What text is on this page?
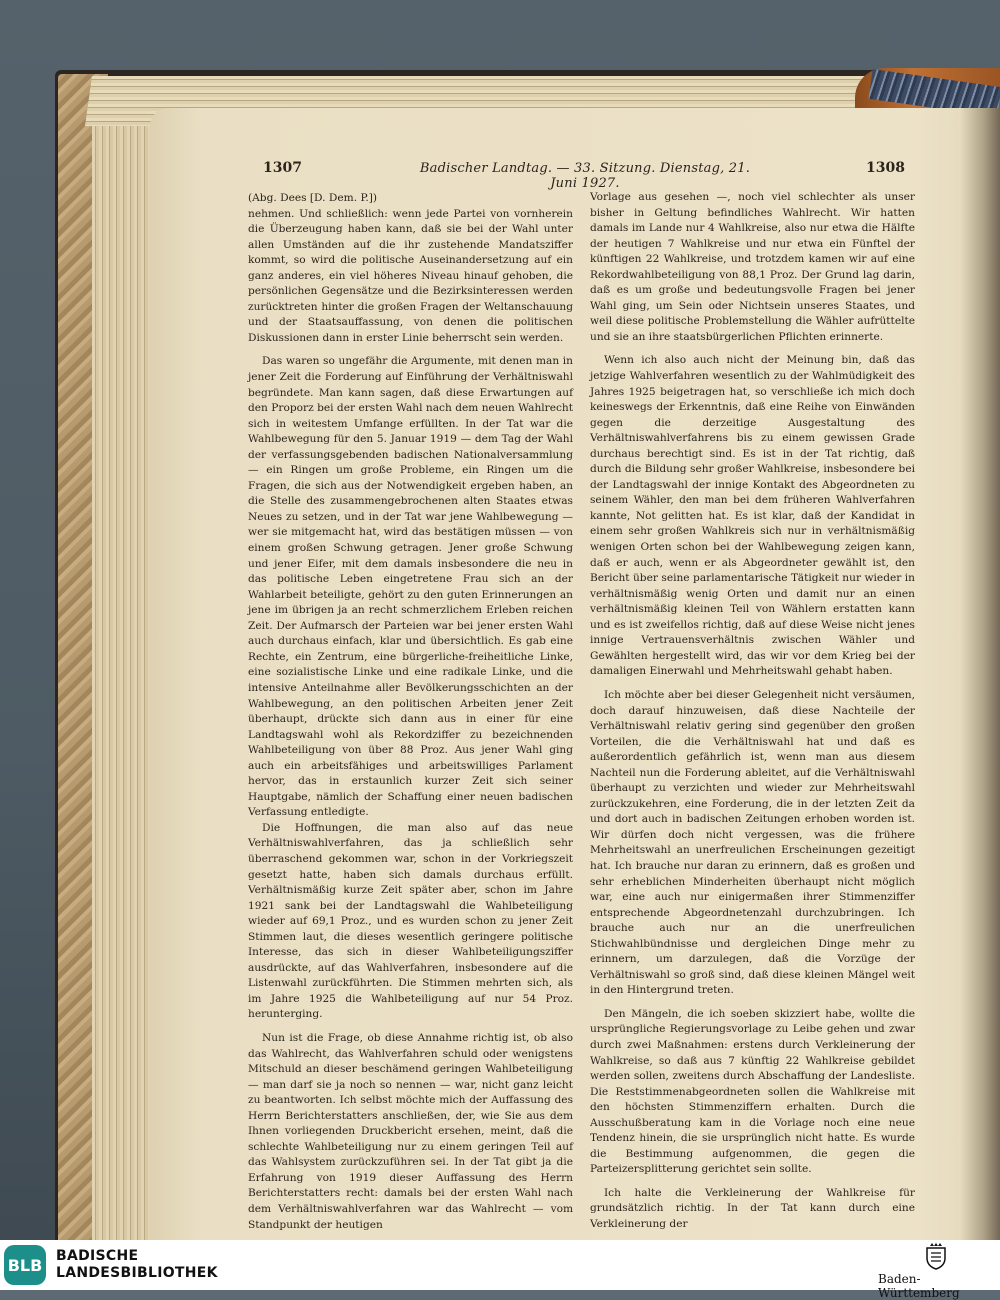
1307	Badischer Landtag. — 33. Sitzung. Dienstag, 21. Juni 1927.
1308

(Abg. Dees [D. Dem. P.])

nehmen. Und schließlich: wenn jede Partei von vornherein die Überzeugung haben kann, daß sie bei der Wahl unter allen Umständen auf die ihr zustehende Mandatsziffer kommt, so wird die politische Auseinandersetzung auf ein ganz anderes, ein viel höheres Niveau hinauf gehoben, die persönlichen Gegensätze und die Bezirksinteressen werden zurücktreten hinter die großen Fragen der Weltanschauung und der Staatsauffassung, von denen die politischen Diskussionen dann in erster Linie beherrscht sein werden.

Das waren so ungefähr die Argumente, mit denen man in jener Zeit die Forderung auf Einführung der Verhältniswahl begründete. Man kann sagen, daß diese Erwartungen auf den Proporz bei der ersten Wahl nach dem neuen Wahlrecht sich in weitestem Umfange erfüllten. In der Tat war die Wahlbewegung für den 5. Januar 1919 — dem Tag der Wahl der verfassungsgebenden badischen Nationalversammlung — ein Ringen um große Probleme, ein Ringen um die Fragen, die sich aus der Notwendigkeit ergeben haben, an die Stelle des zusammengebrochenen alten Staates etwas Neues zu setzen, und in der Tat war jene Wahlbewegung — wer sie mitgemacht hat, wird das bestätigen müssen — von einem großen Schwung getragen. Jener große Schwung und jener Eifer, mit dem damals insbesondere die neu in das politische Leben eingetretene Frau sich an der Wahlarbeit beteiligte, gehört zu den guten Erinnerungen an jene im übrigen ja an recht schmerzlichem Erleben reichen Zeit. Der Aufmarsch der Parteien war bei jener ersten Wahl auch durchaus einfach, klar und übersichtlich. Es gab eine Rechte, ein Zentrum, eine bürgerliche-freiheitliche Linke, eine sozialistische Linke und eine radikale Linke, und die intensive Anteilnahme aller Bevölkerungsschichten an der Wahlbewegung, an den politischen Arbeiten jener Zeit überhaupt, drückte sich dann aus in einer für eine Landtagswahl wohl als Rekordziffer zu bezeichnenden Wahlbeteiligung von über 88 Proz. Aus jener Wahl ging auch ein arbeitsfähiges und arbeitswilliges Parlament hervor, das in erstaunlich kurzer Zeit sich seiner Hauptgabe, nämlich der Schaffung einer neuen badischen Verfassung entledigte.

Die Hoffnungen, die man also auf das neue Verhältniswahlverfahren, das ja schließlich sehr überraschend gekommen war, schon in der Vorkriegszeit gesetzt hatte, haben sich damals durchaus erfüllt. Verhältnismäßig kurze Zeit später aber, schon im Jahre 1921 sank bei der Landtagswahl die Wahlbeteiligung wieder auf 69,1 Proz., und es wurden schon zu jener Zeit Stimmen laut, die dieses wesentlich geringere politische Interesse, das sich in dieser Wahlbeteiligungsziffer ausdrückte, auf das Wahlverfahren, insbesondere auf die Listenwahl zurückführten. Die Stimmen mehrten sich, als im Jahre 1925 die Wahlbeteiligung auf nur 54 Proz. herunterging.

Nun ist die Frage, ob diese Annahme richtig ist, ob also das Wahlrecht, das Wahlverfahren schuld oder wenigstens Mitschuld an dieser beschämend geringen Wahlbeteiligung — man darf sie ja noch so nennen — war, nicht ganz leicht zu beantworten. Ich selbst möchte mich der Auffassung des Herrn Berichterstatters anschließen, der, wie Sie aus dem Ihnen vorliegenden Druckbericht ersehen, meint, daß die schlechte Wahlbeteiligung nur zu einem geringen Teil auf das Wahlsystem zurückzuführen sei. In der Tat gibt ja die Erfahrung von 1919 dieser Auffassung des Herrn Berichterstatters recht: damals bei der ersten Wahl nach dem Verhältniswahlverfahren war das Wahlrecht — vom Standpunkt der heutigen

Vorlage aus gesehen —, noch viel schlechter als unser bisher in Geltung befindliches Wahlrecht. Wir hatten damals im Lande nur 4 Wahlkreise, also nur etwa die Hälfte der heutigen 7 Wahlkreise und nur etwa ein Fünftel der künftigen 22 Wahlkreise, und trotzdem kamen wir auf eine Rekordwahlbeteiligung von 88,1 Proz. Der Grund lag darin, daß es um große und bedeutungsvolle Fragen bei jener Wahl ging, um Sein oder Nichtsein unseres Staates, und weil diese politische Problemstellung die Wähler aufrüttelte und sie an ihre staatsbürgerlichen Pflichten erinnerte.

Wenn ich also auch nicht der Meinung bin, daß das jetzige Wahlverfahren wesentlich zu der Wahlmüdigkeit des Jahres 1925 beigetragen hat, so verschließe ich mich doch keineswegs der Erkenntnis, daß eine Reihe von Einwänden gegen die derzeitige Ausgestaltung des Verhältniswahlverfahrens bis zu einem gewissen Grade durchaus berechtigt sind. Es ist in der Tat richtig, daß durch die Bildung sehr großer Wahlkreise, insbesondere bei der Landtagswahl der innige Kontakt des Abgeordneten zu seinem Wähler, den man bei dem früheren Wahlverfahren kannte, Not gelitten hat. Es ist klar, daß der Kandidat in einem sehr großen Wahlkreis sich nur in verhältnismäßig wenigen Orten schon bei der Wahlbewegung zeigen kann, daß er auch, wenn er als Abgeordneter gewählt ist, den Bericht über seine parlamentarische Tätigkeit nur wieder in verhältnismäßig wenig Orten und damit nur an einen verhältnismäßig kleinen Teil von Wählern erstatten kann und es ist zweifellos richtig, daß auf diese Weise nicht jenes innige Vertrauensverhältnis zwischen Wähler und Gewählten hergestellt wird, das wir vor dem Krieg bei der damaligen Einerwahl und Mehrheitswahl gehabt haben.

Ich möchte aber bei dieser Gelegenheit nicht versäumen, doch darauf hinzuweisen, daß diese Nachteile der Verhältniswahl relativ gering sind gegenüber den großen Vorteilen, die die Verhältniswahl hat und daß es außerordentlich gefährlich ist, wenn man aus diesem Nachteil nun die Forderung ableitet, auf die Verhältniswahl überhaupt zu verzichten und wieder zur Mehrheitswahl zurückzukehren, eine Forderung, die in der letzten Zeit da und dort auch in badischen Zeitungen erhoben worden ist. Wir dürfen doch nicht vergessen, was die frühere Mehrheitswahl an unerfreulichen Erscheinungen gezeitigt hat. Ich brauche nur daran zu erinnern, daß es großen und sehr erheblichen Minderheiten überhaupt nicht möglich war, eine auch nur einigermaßen ihrer Stimmenziffer entsprechende Abgeordnetenzahl durchzubringen. Ich brauche auch nur an die unerfreulichen Stichwahlbündnisse und dergleichen Dinge mehr zu erinnern, um darzulegen, daß die Vorzüge der Verhältniswahl so groß sind, daß diese kleinen Mängel weit in den Hintergrund treten.

Den Mängeln, die ich soeben skizziert habe, wollte die ursprüngliche Regierungsvorlage zu Leibe gehen und zwar durch zwei Maßnahmen: erstens durch Verkleinerung der Wahlkreise, so daß aus 7 künftig 22 Wahlkreise gebildet werden sollen, zweitens durch Abschaffung der Landesliste. Die Reststimmenabgeordneten sollen die Wahlkreise mit den höchsten Stimmenziffern erhalten. Durch die Ausschußberatung kam in die Vorlage noch eine neue Tendenz hinein, die sie ursprünglich nicht hatte. Es wurde die Bestimmung aufgenommen, die gegen die Parteizersplitterung gerichtet sein sollte.

Ich halte die Verkleinerung der Wahlkreise für grundsätzlich richtig. In der Tat kann durch eine Verkleinerung der

BLB BADISCHE
LANDESBIBLIOTHEK	Baden-Württemberg
